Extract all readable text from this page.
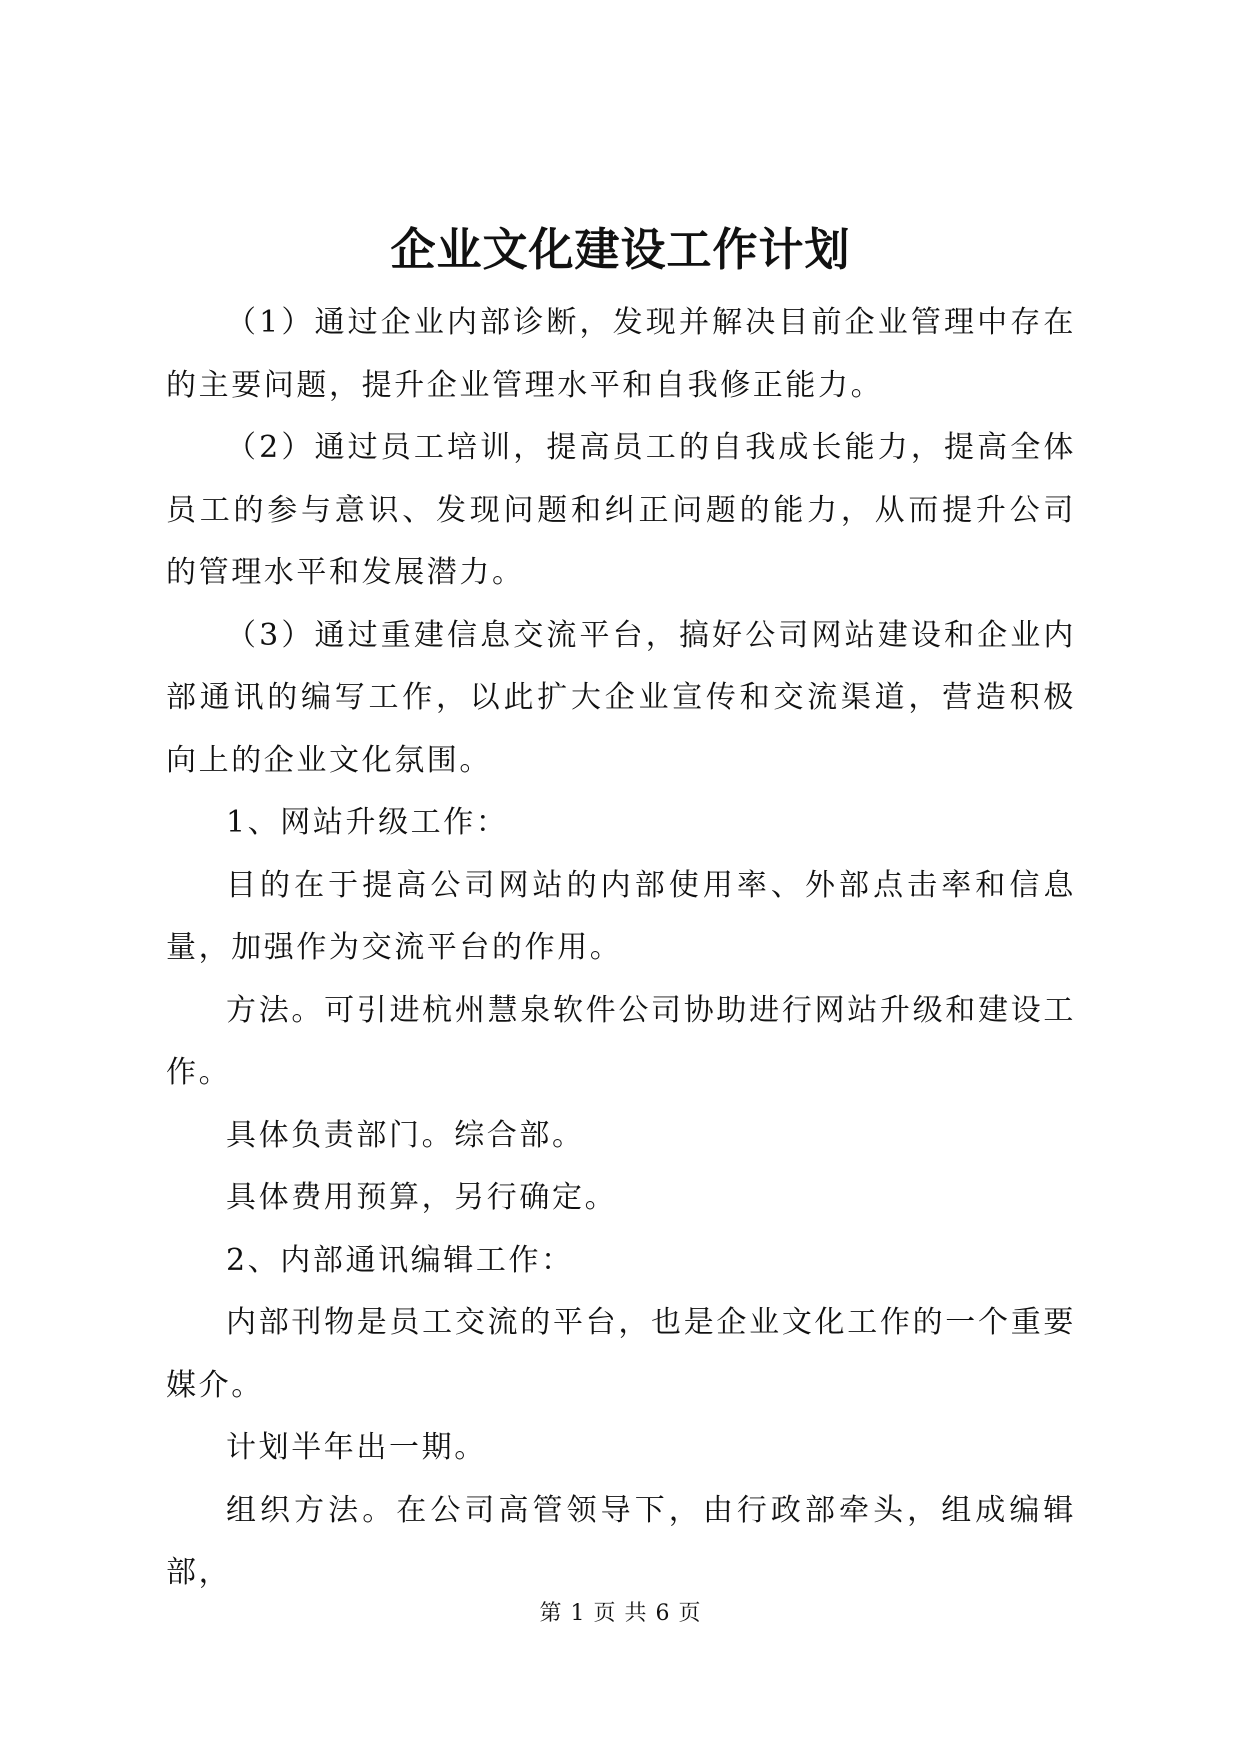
企业文化建设工作计划

（1）通过企业内部诊断，发现并解决目前企业管理中存在的主要问题，提升企业管理水平和自我修正能力。

（2）通过员工培训，提高员工的自我成长能力，提高全体员工的参与意识、发现问题和纠正问题的能力，从而提升公司的管理水平和发展潜力。

（3）通过重建信息交流平台，搞好公司网站建设和企业内部通讯的编写工作，以此扩大企业宣传和交流渠道，营造积极向上的企业文化氛围。

1、网站升级工作：

目的在于提高公司网站的内部使用率、外部点击率和信息量，加强作为交流平台的作用。

方法。可引进杭州慧泉软件公司协助进行网站升级和建设工作。

具体负责部门。综合部。

具体费用预算，另行确定。

2、内部通讯编辑工作：

内部刊物是员工交流的平台，也是企业文化工作的一个重要媒介。

计划半年出一期。

组织方法。在公司高管领导下，由行政部牵头，组成编辑部，

第 1 页 共 6 页
